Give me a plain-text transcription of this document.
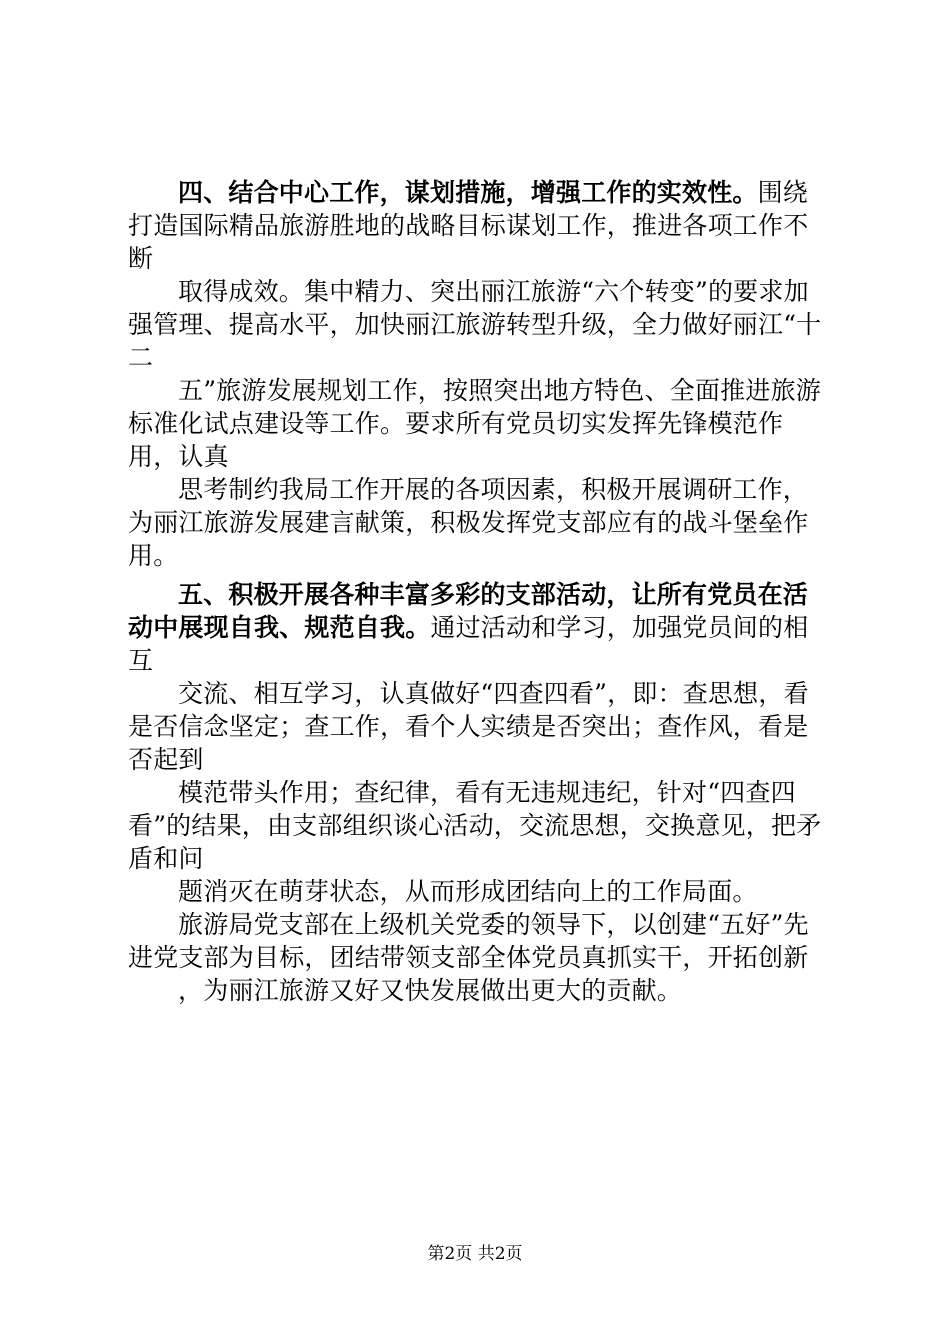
四、结合中心工作，谋划措施，增强工作的实效性。围绕打造国际精品旅游胜地的战略目标谋划工作，推进各项工作不断

取得成效。集中精力、突出丽江旅游“六个转变”的要求加强管理、提高水平，加快丽江旅游转型升级，全力做好丽江“十二

五”旅游发展规划工作，按照突出地方特色、全面推进旅游标准化试点建设等工作。要求所有党员切实发挥先锋模范作用，认真

思考制约我局工作开展的各项因素，积极开展调研工作，为丽江旅游发展建言献策，积极发挥党支部应有的战斗堡垒作用。

五、积极开展各种丰富多彩的支部活动，让所有党员在活动中展现自我、规范自我。通过活动和学习，加强党员间的相互

交流、相互学习，认真做好“四查四看”，即：查思想，看是否信念坚定；查工作，看个人实绩是否突出；查作风，看是否起到

模范带头作用；查纪律，看有无违规违纪，针对“四查四看”的结果，由支部组织谈心活动，交流思想，交换意见，把矛盾和问

题消灭在萌芽状态，从而形成团结向上的工作局面。

旅游局党支部在上级机关党委的领导下，以创建“五好”先进党支部为目标，团结带领支部全体党员真抓实干，开拓创新

，为丽江旅游又好又快发展做出更大的贡献。

第2页 共2页
